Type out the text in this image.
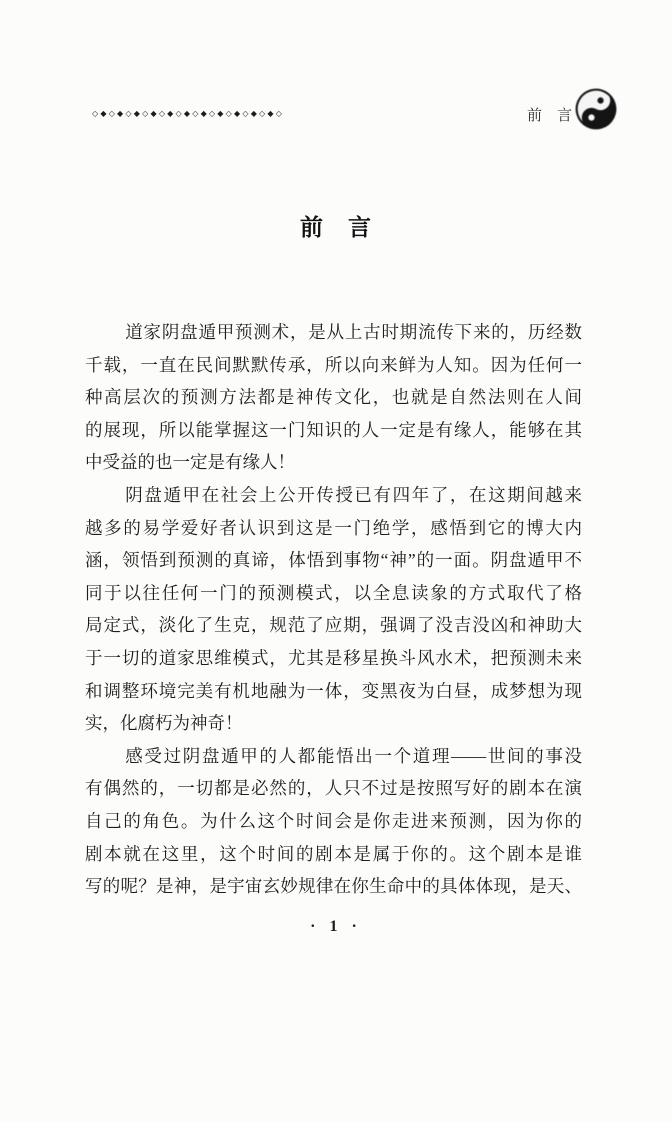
◇◆◇◆◇◆◇◆◇◆◇◆◇◆◇◆◇◆◇◆◇◆◇	前　言
前　言
道家阴盘遁甲预测术，是从上古时期流传下来的，历经数
千载，一直在民间默默传承，所以向来鲜为人知。因为任何一
种高层次的预测方法都是神传文化，也就是自然法则在人间
的展现，所以能掌握这一门知识的人一定是有缘人，能够在其
中受益的也一定是有缘人！
阴盘遁甲在社会上公开传授已有四年了，在这期间越来
越多的易学爱好者认识到这是一门绝学，感悟到它的博大内
涵，领悟到预测的真谛，体悟到事物“神”的一面。阴盘遁甲不
同于以往任何一门的预测模式，以全息读象的方式取代了格
局定式，淡化了生克，规范了应期，强调了没吉没凶和神助大
于一切的道家思维模式，尤其是移星换斗风水术，把预测未来
和调整环境完美有机地融为一体，变黑夜为白昼，成梦想为现
实，化腐朽为神奇！
感受过阴盘遁甲的人都能悟出一个道理——世间的事没
有偶然的，一切都是必然的，人只不过是按照写好的剧本在演
自己的角色。为什么这个时间会是你走进来预测，因为你的
剧本就在这里，这个时间的剧本是属于你的。这个剧本是谁
写的呢？是神，是宇宙玄妙规律在你生命中的具体体现，是天、
· 1 ·
